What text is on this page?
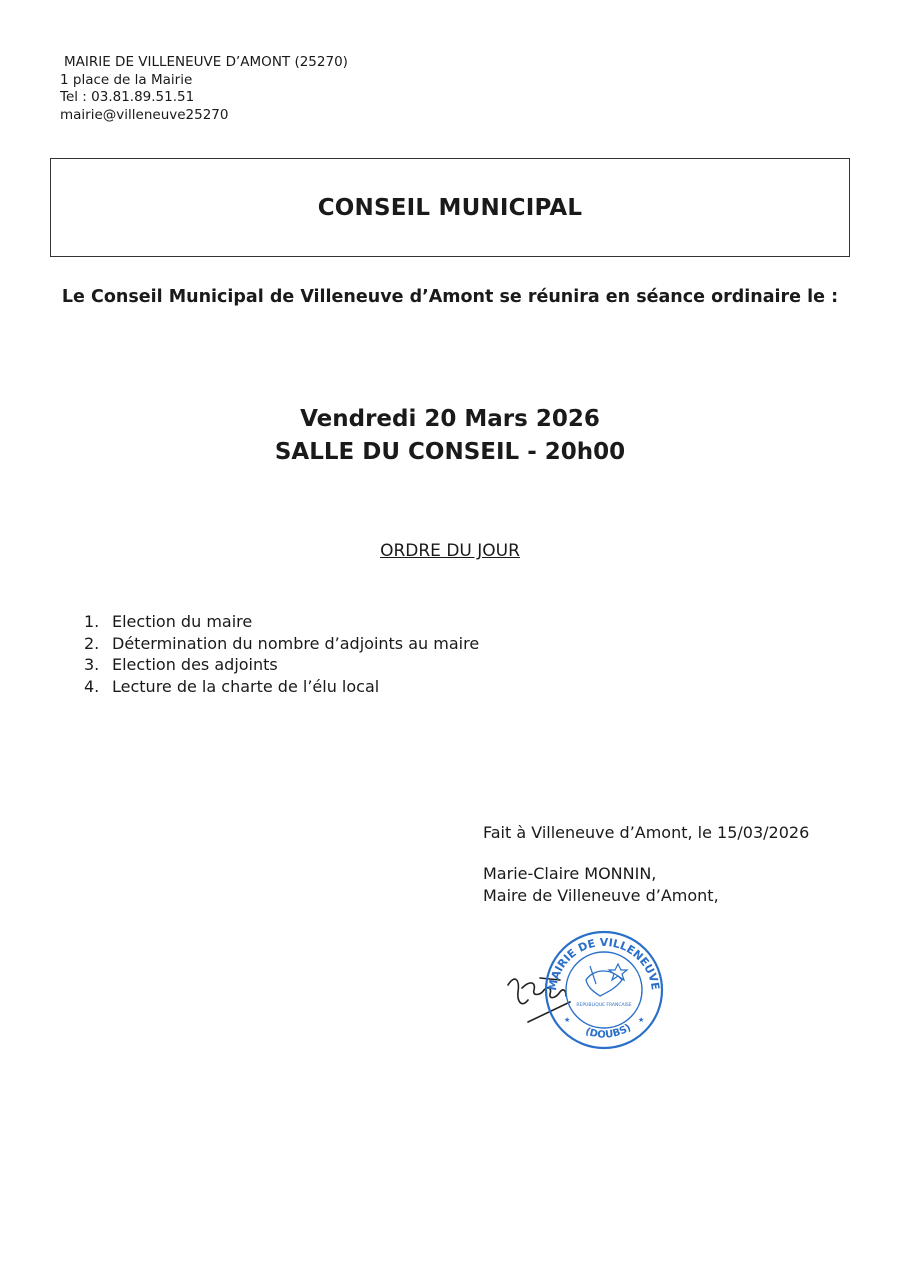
MAIRIE DE VILLENEUVE D’AMONT (25270)
1 place de la Mairie
Tel : 03.81.89.51.51
mairie@villeneuve25270
CONSEIL MUNICIPAL
Le Conseil Municipal de Villeneuve d’Amont se réunira en séance ordinaire le :
Vendredi 20 Mars 2026
SALLE DU CONSEIL - 20h00
ORDRE DU JOUR
1. Election du maire
2. Détermination du nombre d’adjoints au maire
3. Election des adjoints
4. Lecture de la charte de l’élu local
Fait à Villeneuve d’Amont, le 15/03/2026
Marie-Claire MONNIN,
Maire de Villeneuve d’Amont,
MAIRIE DE VILLENEUVE
(DOUBS)
REPUBLIQUE FRANCAISE
★	★
